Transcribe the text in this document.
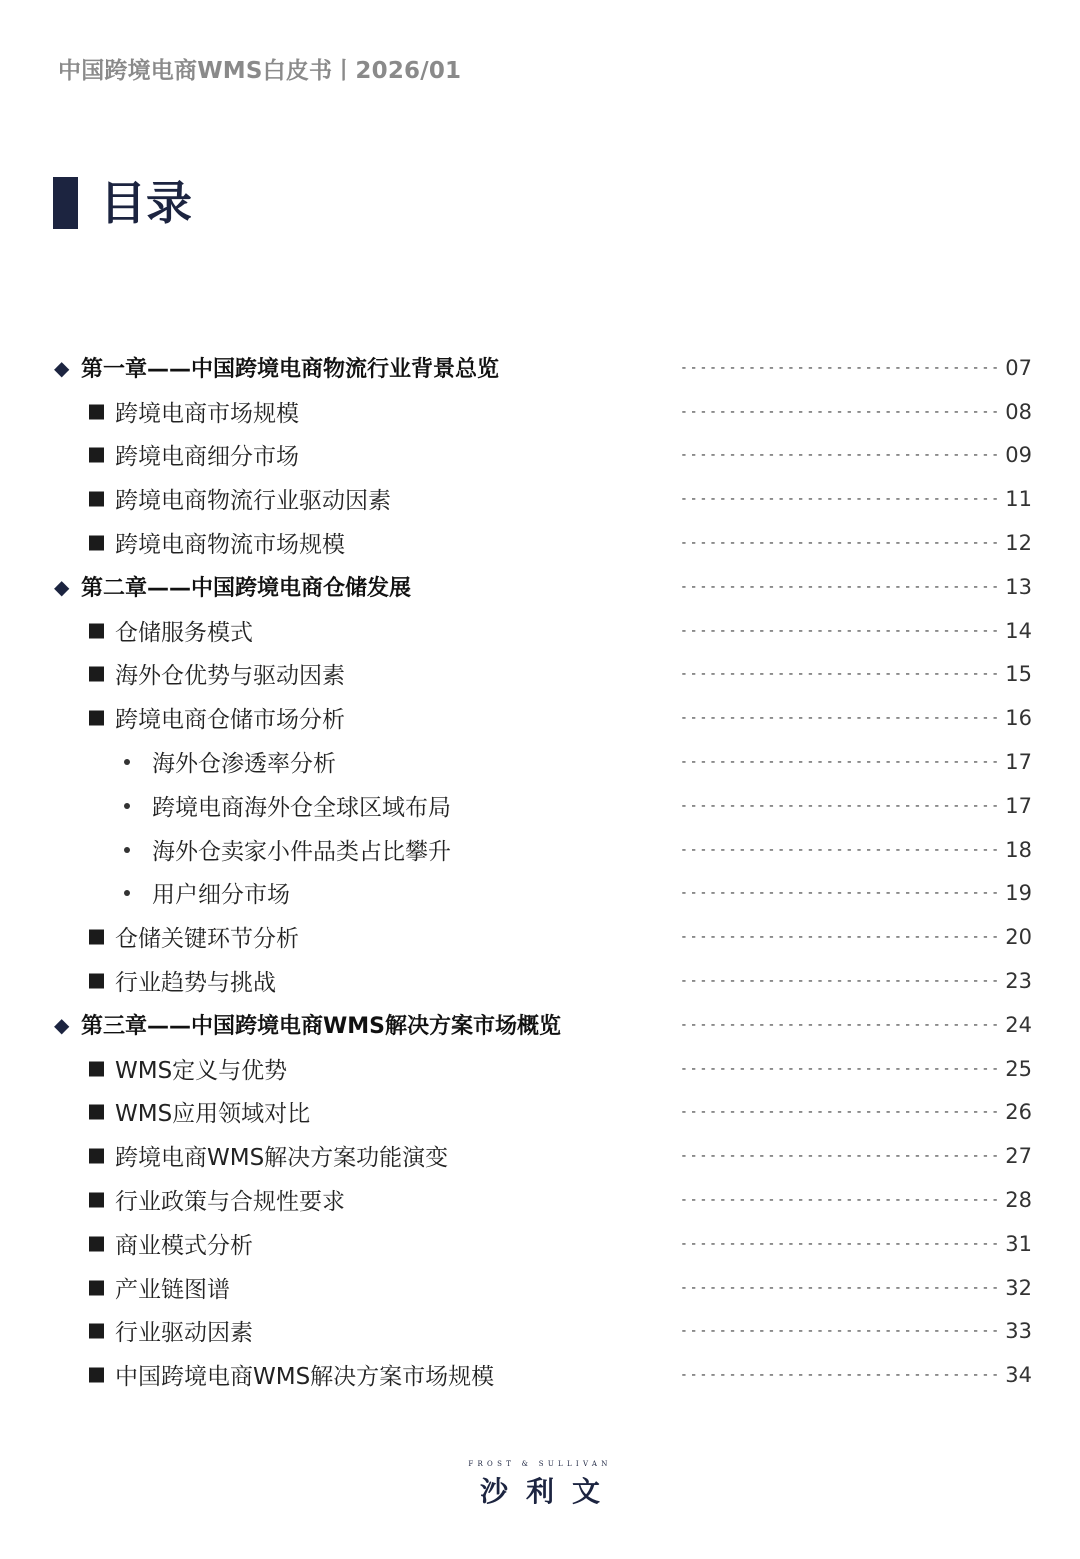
中国跨境电商WMS白皮书丨2026/01
目录
◆ 第一章——中国跨境电商物流行业背景总览	--------------------------------- 07
跨境电商市场规模	--------------------------------- 08
跨境电商细分市场	--------------------------------- 09
跨境电商物流行业驱动因素	--------------------------------- 11
跨境电商物流市场规模	--------------------------------- 12
◆ 第二章——中国跨境电商仓储发展	--------------------------------- 13
仓储服务模式	--------------------------------- 14
海外仓优势与驱动因素	--------------------------------- 15
跨境电商仓储市场分析	--------------------------------- 16
海外仓渗透率分析	--------------------------------- 17
跨境电商海外仓全球区域布局	--------------------------------- 17
海外仓卖家小件品类占比攀升	--------------------------------- 18
用户细分市场	--------------------------------- 19
仓储关键环节分析	--------------------------------- 20
行业趋势与挑战	--------------------------------- 23
◆ 第三章——中国跨境电商WMS解决方案市场概览	--------------------------------- 24
WMS定义与优势	--------------------------------- 25
WMS应用领域对比	--------------------------------- 26
跨境电商WMS解决方案功能演变	--------------------------------- 27
行业政策与合规性要求	--------------------------------- 28
商业模式分析	--------------------------------- 31
产业链图谱	--------------------------------- 32
行业驱动因素	--------------------------------- 33
中国跨境电商WMS解决方案市场规模	--------------------------------- 34
FROST & SULLIVAN
沙利文
